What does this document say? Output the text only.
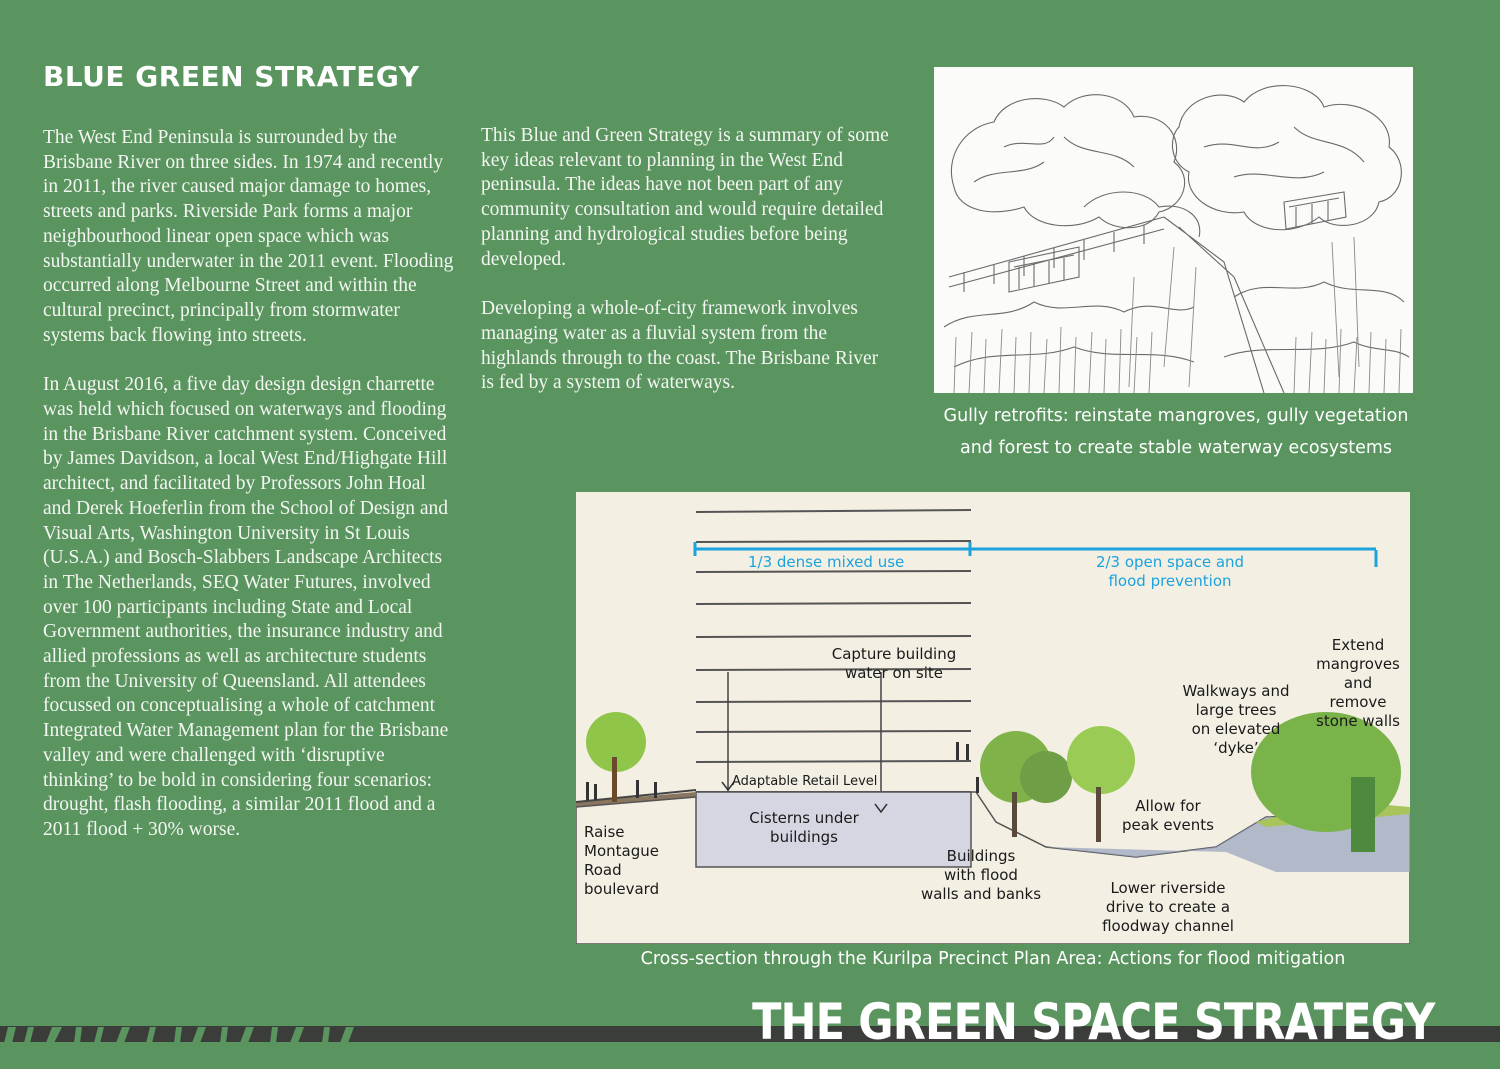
BLUE GREEN STRATEGY

The West End Peninsula is surrounded by the Brisbane River on three sides. In 1974 and recently in 2011, the river caused major damage to homes, streets and parks. Riverside Park forms a major neighbourhood linear open space which was substantially underwater in the 2011 event. Flooding occurred along Melbourne Street and within the cultural precinct, principally from stormwater systems back flowing into streets.

In August 2016, a five day design design charrette was held which focused on waterways and flooding in the Brisbane River catchment system. Conceived by James Davidson, a local West End/Highgate Hill architect, and facilitated by Professors John Hoal and Derek Hoeferlin from the School of Design and Visual Arts, Washington University in St Louis (U.S.A.) and Bosch-Slabbers Landscape Architects in The Netherlands, SEQ Water Futures, involved over 100 participants including State and Local Government authorities, the insurance industry and allied professions as well as architecture students from the University of Queensland. All attendees focussed on conceptualising a whole of catchment Integrated Water Management plan for the Brisbane valley and were challenged with ‘disruptive thinking’ to be bold in considering four scenarios: drought, flash flooding, a similar 2011 flood and a 2011 flood + 30% worse.

This Blue and Green Strategy is a summary of some key ideas relevant to planning in the West End peninsula. The ideas have not been part of any community consultation and would require detailed planning and hydrological studies before being developed.

Developing a whole-of-city framework involves managing water as a fluvial system from the highlands through to the coast. The Brisbane River is fed by a system of waterways.

Gully retrofits: reinstate mangroves, gully vegetation
and forest to create stable waterway ecosystems
1/3 dense mixed use	2/3 open space and
flood prevention
Capture building
water on site
Extend
mangroves
and
remove
stone walls
Walkways and
large trees
on elevated
‘dyke’
Adaptable Retail Level
Allow for
peak events
Cisterns under
buildings
Raise
Montague
Road
boulevard
Buildings
with flood
walls and banks	Lower riverside
drive to create a
floodway channel
Cross-section through the Kurilpa Precinct Plan Area: Actions for flood mitigation
THE GREEN SPACE STRATEGY
